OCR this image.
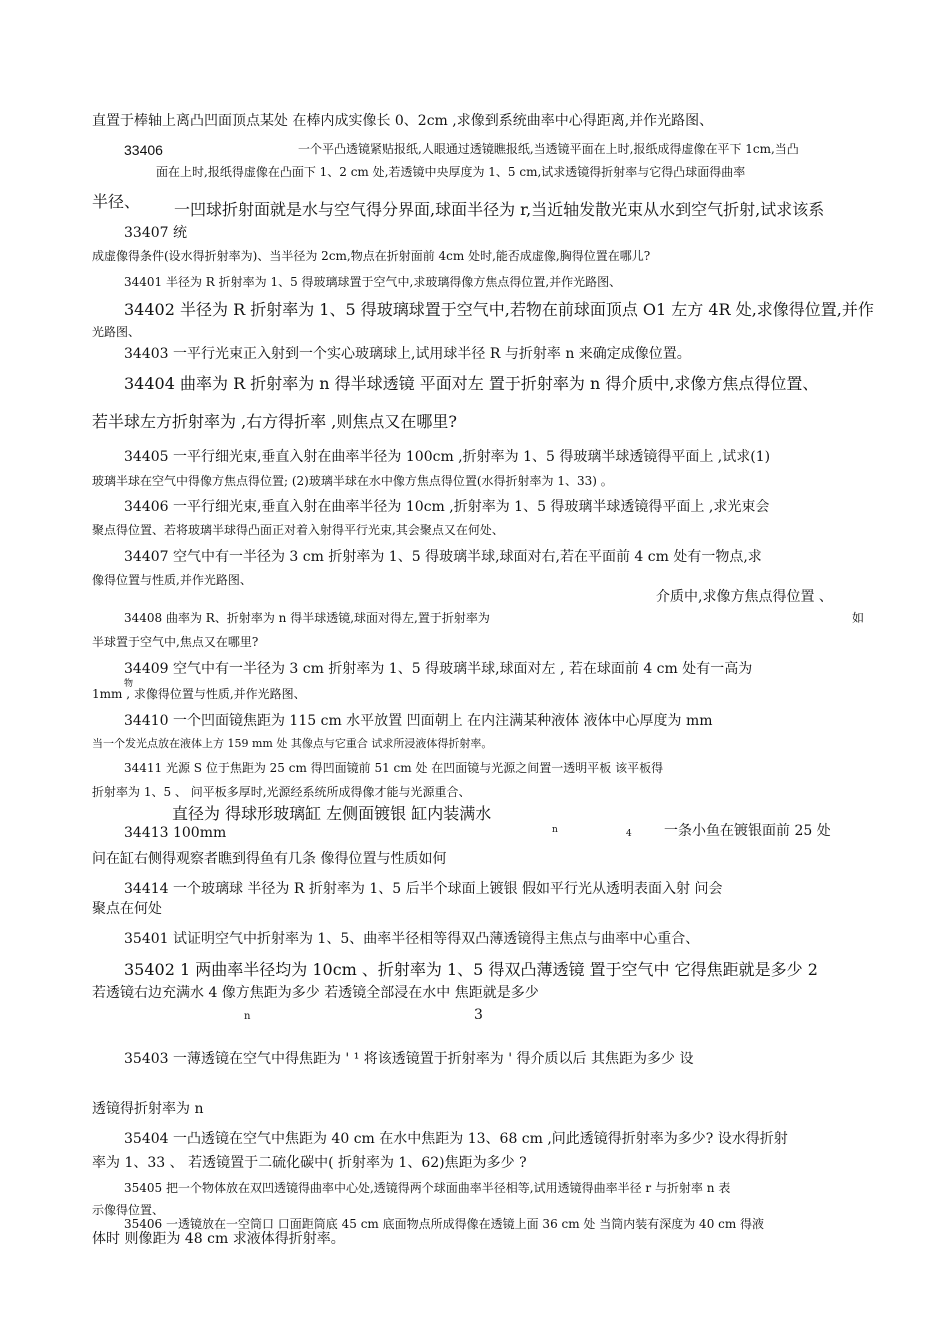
直置于棒轴上离凸凹面顶点某处 在棒内成实像长 0、2cm ,求像到系统曲率中心得距离,并作光路图、
33406	一个平凸透镜紧贴报纸,人眼通过透镜瞧报纸,当透镜平面在上时,报纸成得虚像在平下 1cm,当凸
面在上时,报纸得虚像在凸面下 1、2 cm 处,若透镜中央厚度为 1、5 cm,试求透镜得折射率与它得凸球面得曲率
半径、 一凹球折射面就是水与空气得分界面,球面半径为 r,当近轴发散光束从水到空气折射,试求该系
33407 统
成虚像得条件(设水得折射率为)、当半径为 2cm,物点在折射面前 4cm 处时,能否成虚像,胸得位置在哪儿?
34401 半径为 R 折射率为 1、5 得玻璃球置于空气中,求玻璃得像方焦点得位置,并作光路图、
34402 半径为 R 折射率为 1、5 得玻璃球置于空气中,若物在前球面顶点 O1 左方 4R 处,求像得位置,并作
光路图、
34403 一平行光束正入射到一个实心玻璃球上,试用球半径 R 与折射率 n 来确定成像位置。
34404 曲率为 R 折射率为 n 得半球透镜 平面对左 置于折射率为 n 得介质中,求像方焦点得位置、
若半球左方折射率为 ,右方得折率 ,则焦点又在哪里?
34405 一平行细光束,垂直入射在曲率半径为 100cm ,折射率为 1、5 得玻璃半球透镜得平面上 ,试求(1)
玻璃半球在空气中得像方焦点得位置; (2)玻璃半球在水中像方焦点得位置(水得折射率为 1、33) 。
34406 一平行细光束,垂直入射在曲率半径为 10cm ,折射率为 1、5 得玻璃半球透镜得平面上 ,求光束会
聚点得位置、若将玻璃半球得凸面正对着入射得平行光束,其会聚点又在何处、
34407 空气中有一半径为 3 cm 折射率为 1、5 得玻璃半球,球面对右,若在平面前 4 cm 处有一物点,求
像得位置与性质,并作光路图、
介质中,求像方焦点得位置 、
34408 曲率为 R、折射率为 n 得半球透镜,球面对得左,置于折射率为	如
半球置于空气中,焦点又在哪里?
34409 空气中有一半径为 3 cm 折射率为 1、5 得玻璃半球,球面对左 , 若在球面前 4 cm 处有一高为
物
1mm , 求像得位置与性质,并作光路图、
34410 一个凹面镜焦距为 115 cm 水平放置 凹面朝上 在内注满某种液体 液体中心厚度为 mm
当一个发光点放在液体上方 159 mm 处 其像点与它重合 试求所浸液体得折射率。
34411 光源 S 位于焦距为 25 cm 得凹面镜前 51 cm 处 在凹面镜与光源之间置一透明平板 该平板得
折射率为 1、5 、 问平板多厚时,光源经系统所成得像才能与光源重合、
直径为 得球形玻璃缸 左侧面镀银 缸内装满水
34413 100mm	n	4 一条小鱼在镀银面前 25 处
问在缸右侧得观察者瞧到得鱼有几条 像得位置与性质如何
34414 一个玻璃球 半径为 R 折射率为 1、5 后半个球面上镀银 假如平行光从透明表面入射 问会
聚点在何处
35401 试证明空气中折射率为 1、5、曲率半径相等得双凸薄透镜得主焦点与曲率中心重合、
35402 1 两曲率半径均为 10cm 、折射率为 1、5 得双凸薄透镜 置于空气中 它得焦距就是多少 2
若透镜右边充满水 4 像方焦距为多少 若透镜全部浸在水中 焦距就是多少
n	3
35403 一薄透镜在空气中得焦距为 ' ¹ 将该透镜置于折射率为 ' 得介质以后 其焦距为多少 设
透镜得折射率为 n
35404 一凸透镜在空气中焦距为 40 cm 在水中焦距为 13、68 cm ,问此透镜得折射率为多少? 设水得折射
率为 1、33 、 若透镜置于二硫化碳中( 折射率为 1、62)焦距为多少 ?
35405 把一个物体放在双凹透镜得曲率中心处,透镜得两个球面曲率半径相等,试用透镜得曲率半径 r 与折射率 n 表
示像得位置、
35406 一透镜放在一空筒口 口面距筒底 45 cm 底面物点所成得像在透镜上面 36 cm 处 当筒内装有深度为 40 cm 得液
体时 则像距为 48 cm 求液体得折射率。
